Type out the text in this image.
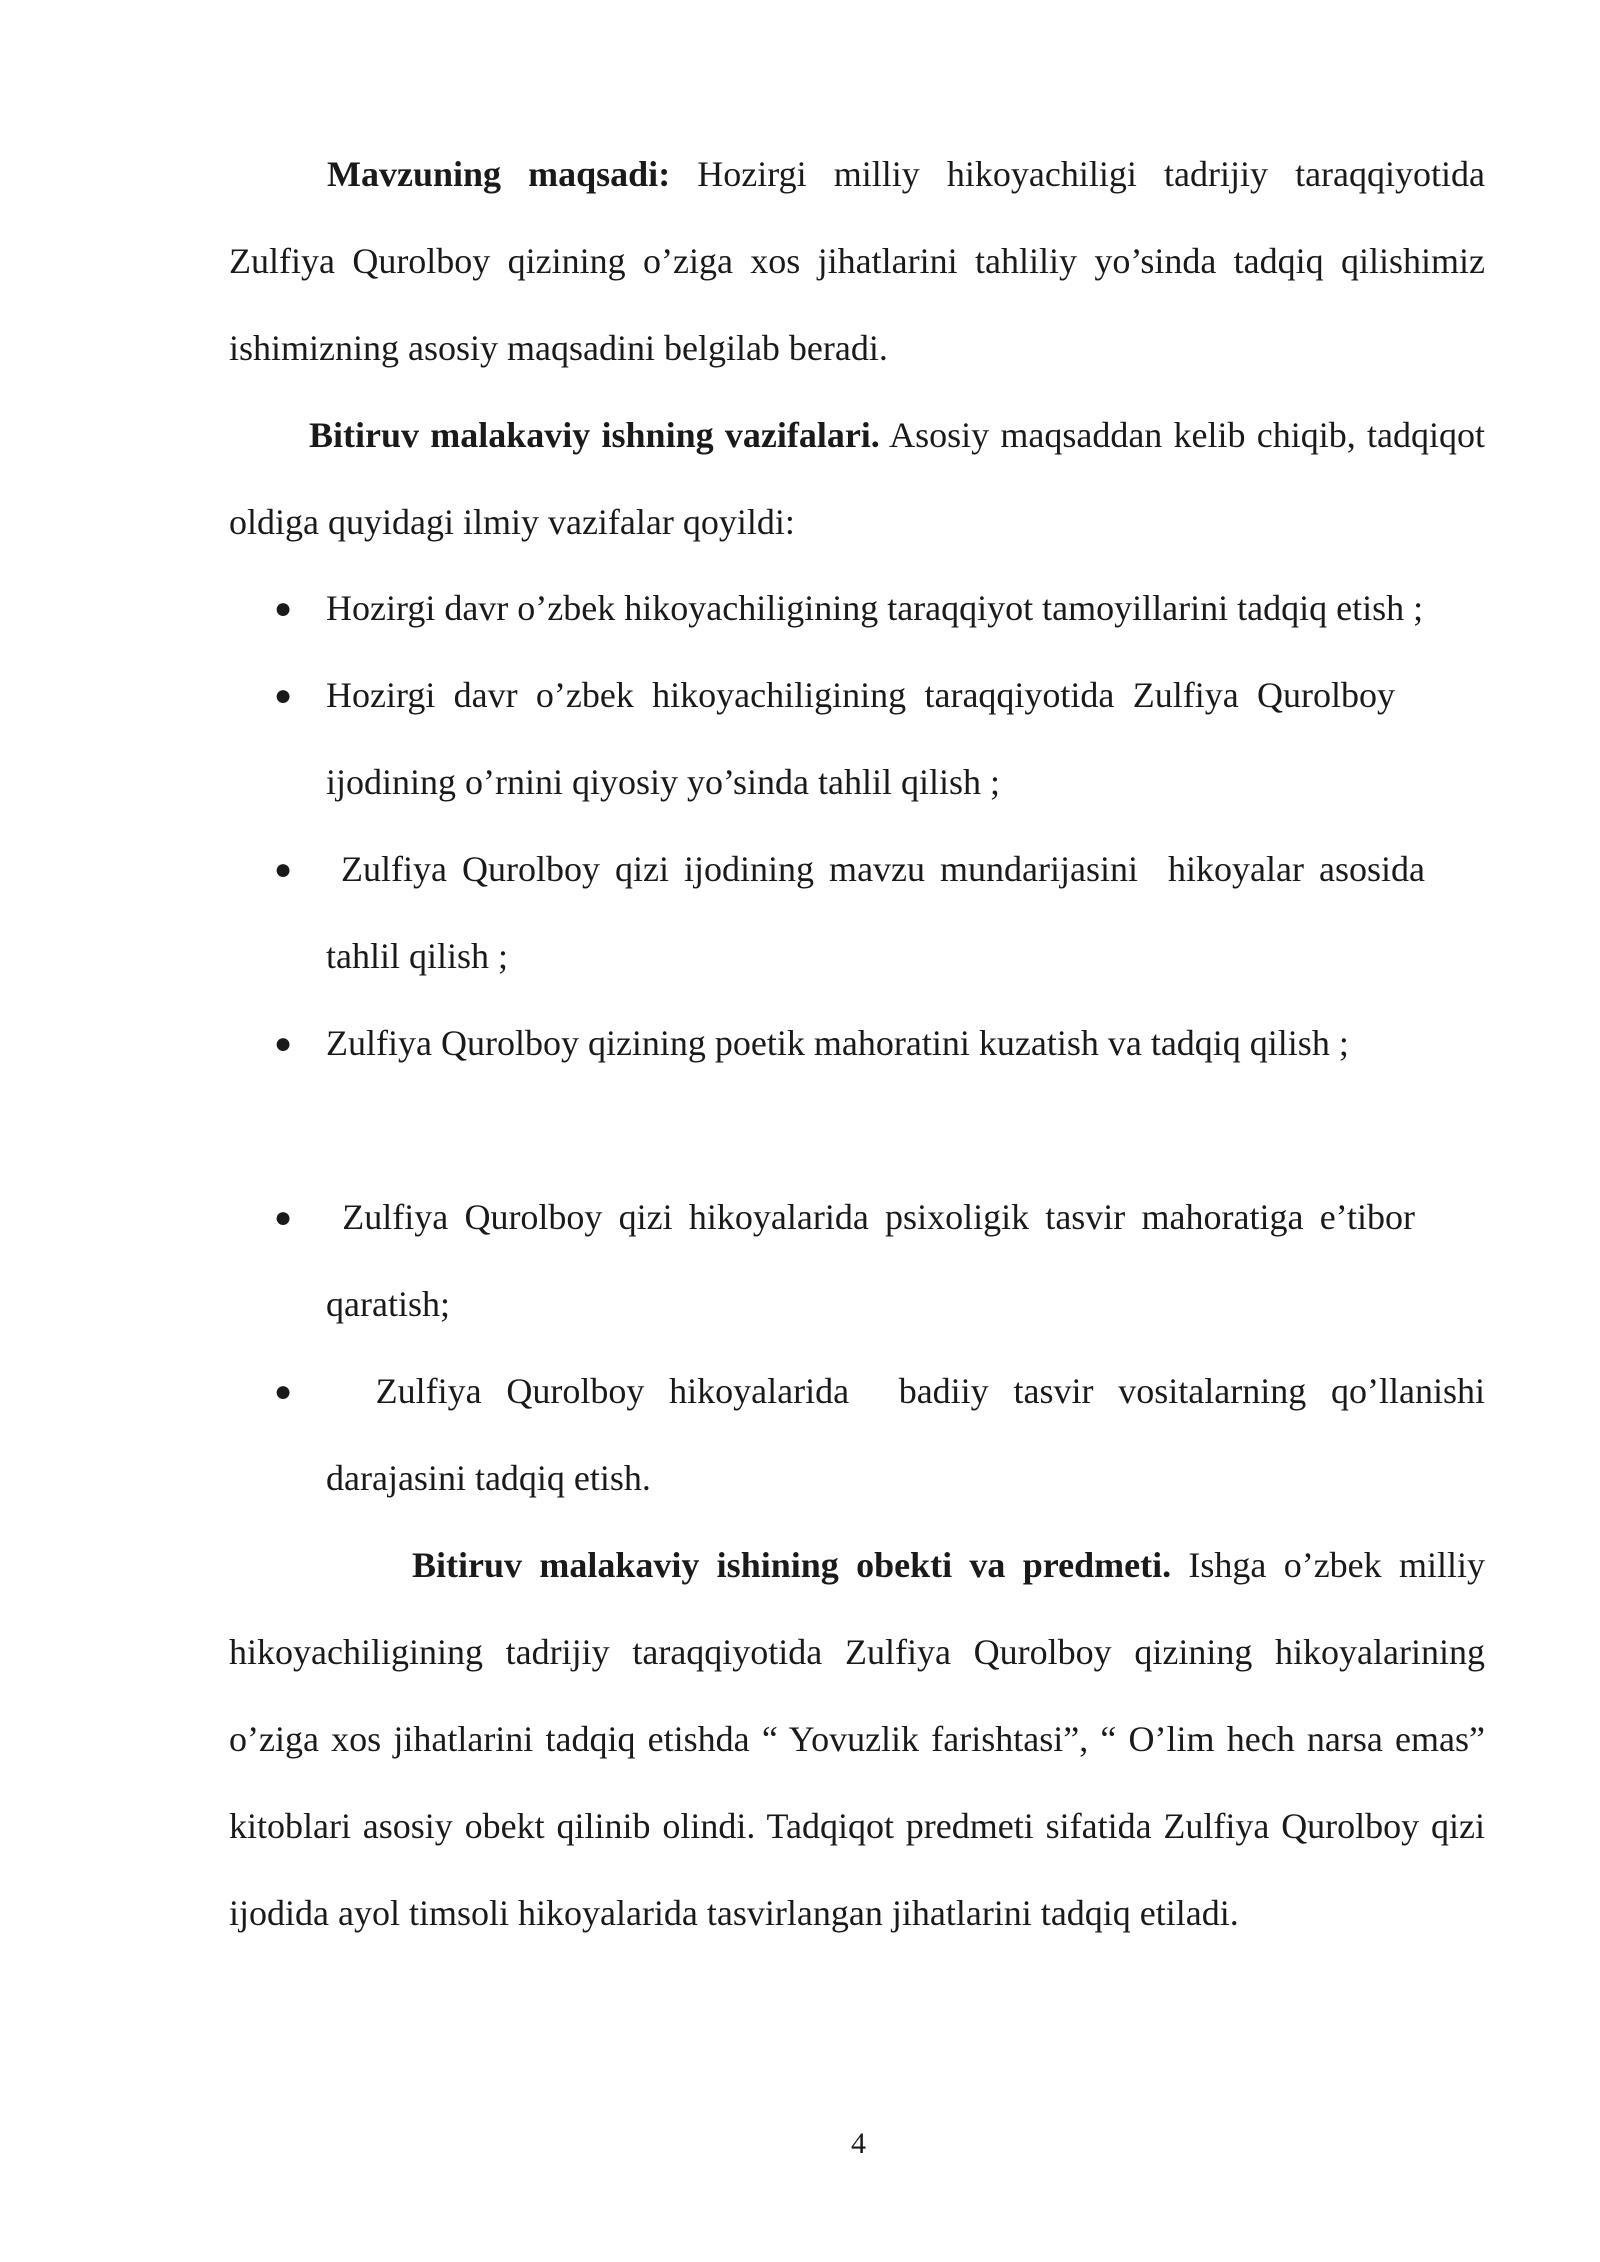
Mavzuning maqsadi: Hozirgi milliy hikoyachiligi tadrijiy taraqqiyotida Zulfiya Qurolboy qizining o’ziga xos jihatlarini tahliliy yo’sinda tadqiq qilishimiz ishimizning asosiy maqsadini belgilab beradi.

Bitiruv malakaviy ishning vazifalari. Asosiy maqsaddan kelib chiqib, tadqiqot oldiga quyidagi ilmiy vazifalar qoyildi:

● Hozirgi davr o’zbek hikoyachiligining taraqqiyot tamoyillarini tadqiq etish ;
● Hozirgi davr o’zbek hikoyachiligining taraqqiyotida Zulfiya Qurolboy ijodining o’rnini qiyosiy yo’sinda tahlil qilish ;
● Zulfiya Qurolboy qizi ijodining mavzu mundarijasini  hikoyalar asosida tahlil qilish ;
● Zulfiya Qurolboy qizining poetik mahoratini kuzatish va tadqiq qilish ;
● Zulfiya Qurolboy qizi hikoyalarida psixoligik tasvir mahoratiga e’tibor qaratish;
● Zulfiya Qurolboy hikoyalarida  badiiy tasvir vositalarning qo’llanishi darajasini tadqiq etish.

Bitiruv malakaviy ishining obekti va predmeti. Ishga o’zbek milliy hikoyachiligining tadrijiy taraqqiyotida Zulfiya Qurolboy qizining hikoyalarining o’ziga xos jihatlarini tadqiq etishda “ Yovuzlik farishtasi”, “ O’lim hech narsa emas” kitoblari asosiy obekt qilinib olindi. Tadqiqot predmeti sifatida Zulfiya Qurolboy qizi ijodida ayol timsoli hikoyalarida tasvirlangan jihatlarini tadqiq etiladi.

4
